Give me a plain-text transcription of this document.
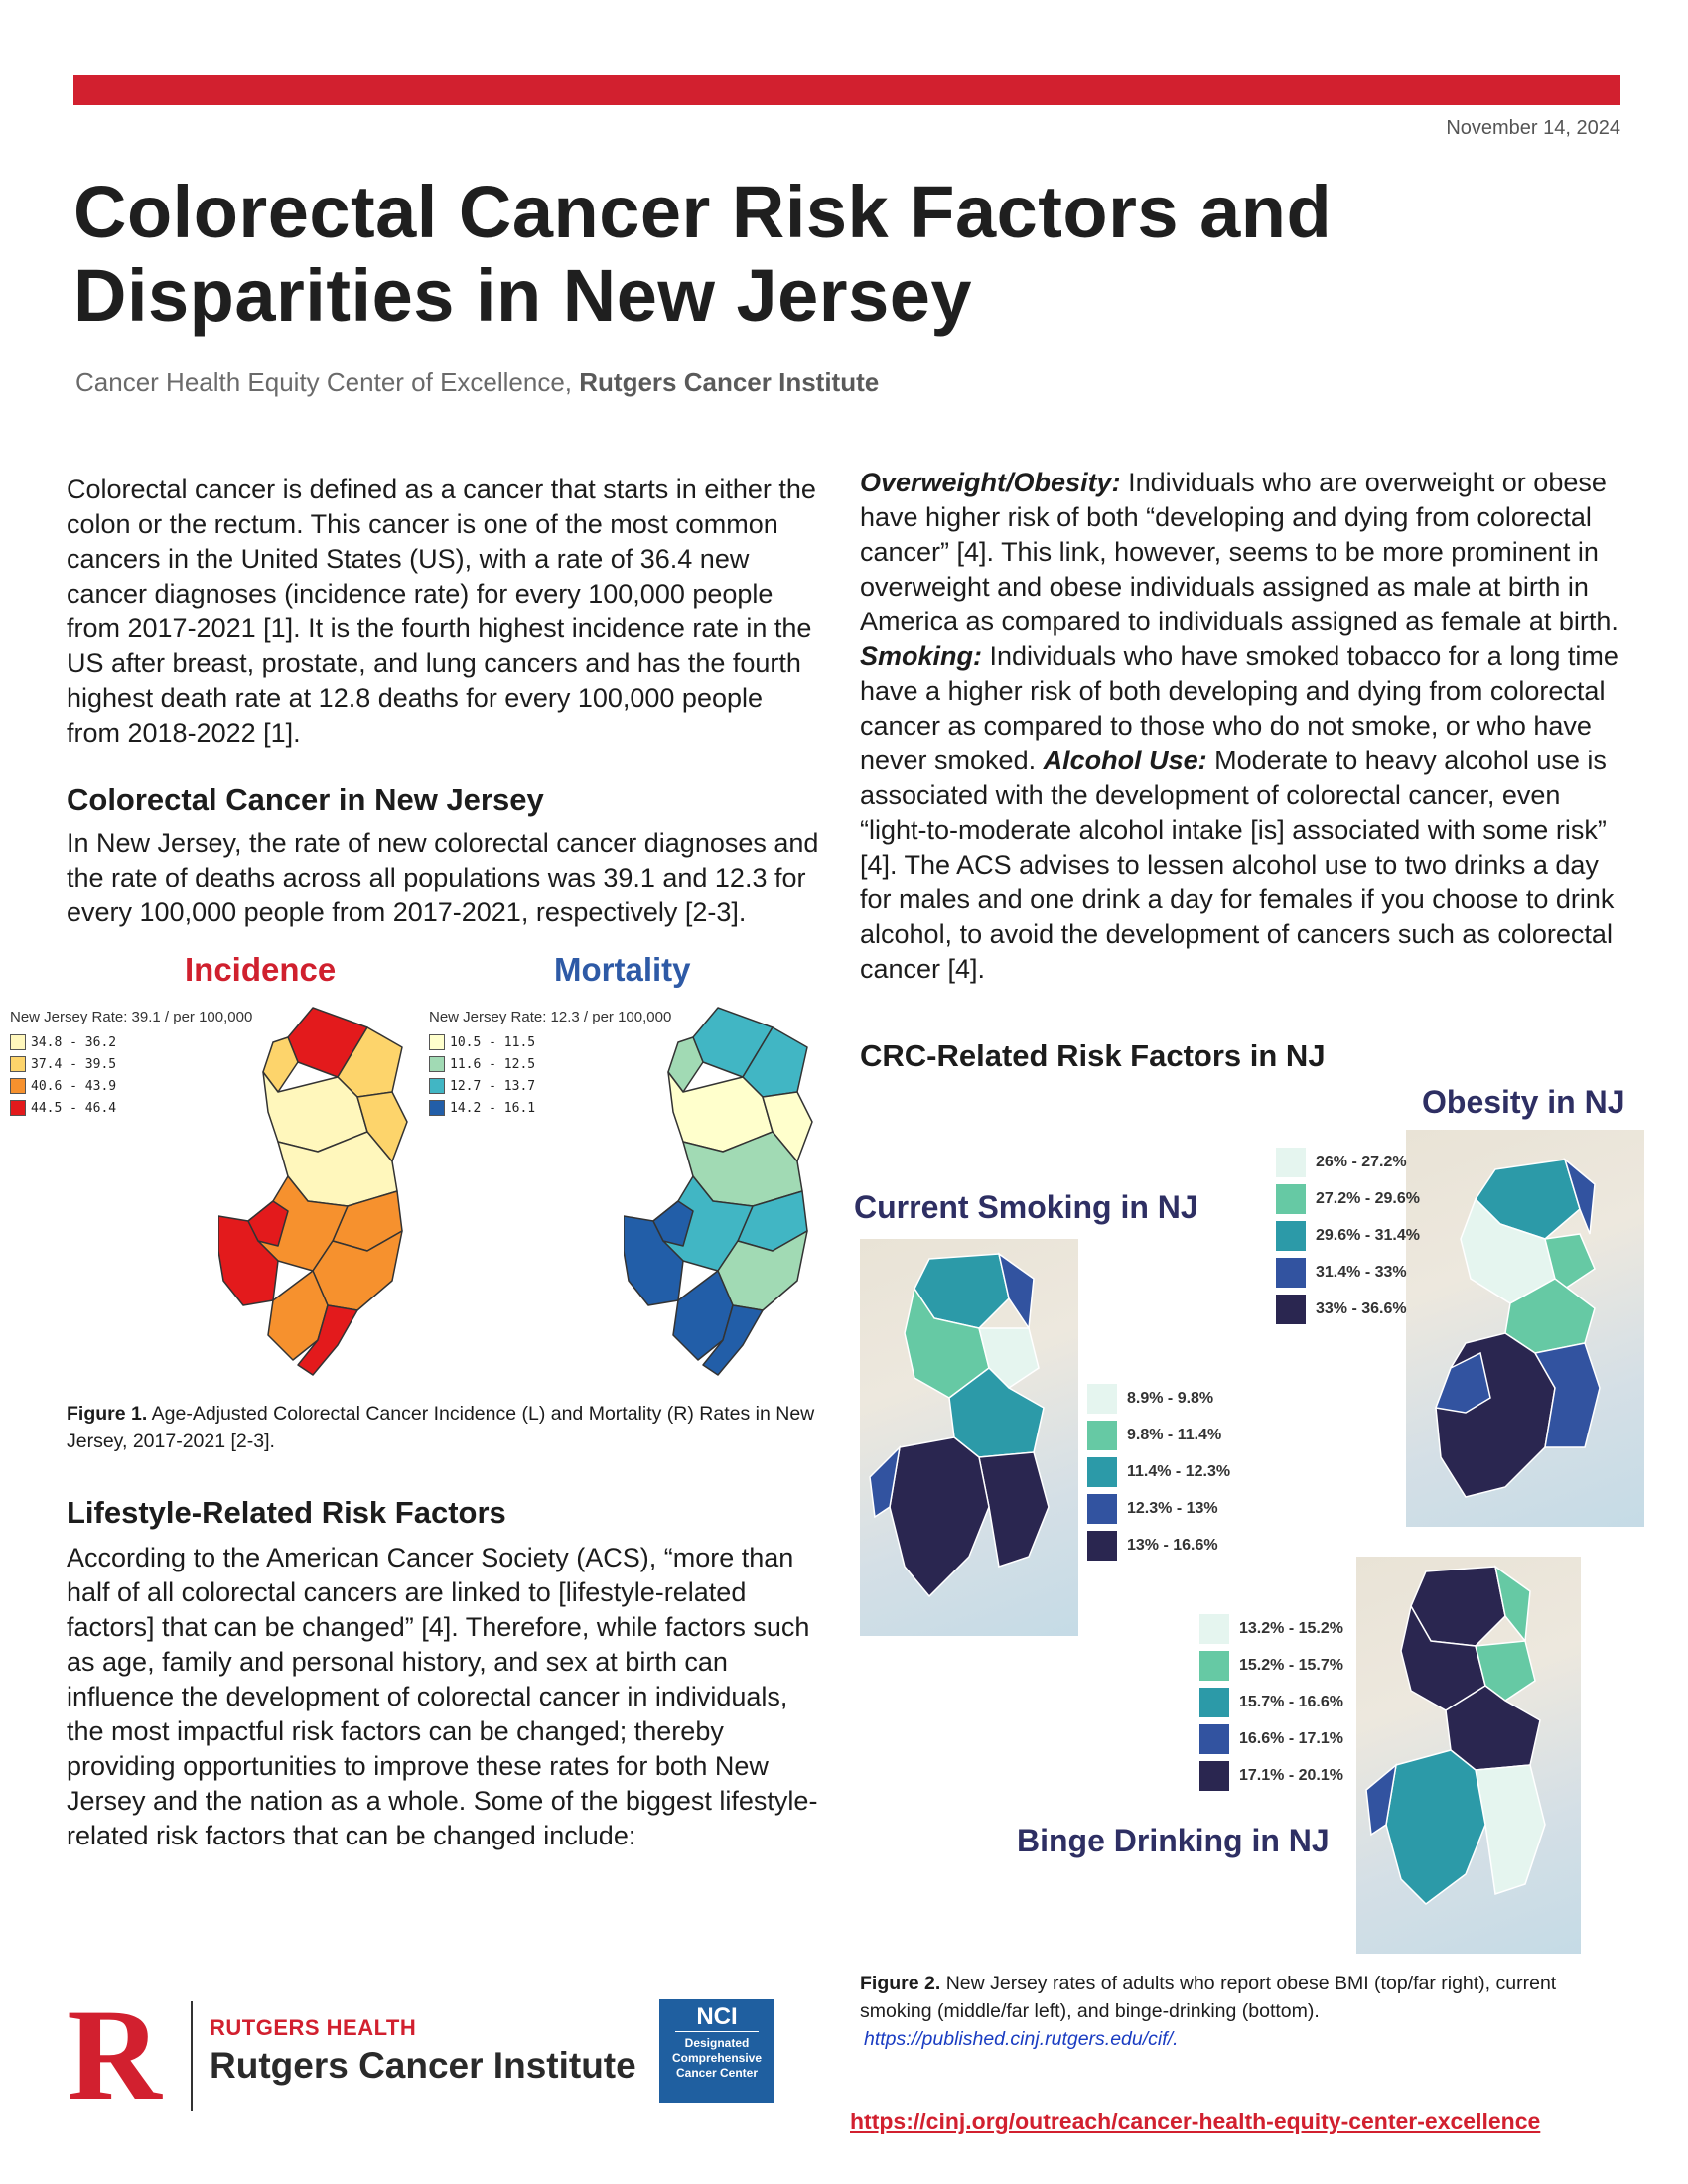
November 14, 2024
Colorectal Cancer Risk Factors and
Disparities in New Jersey
Cancer Health Equity Center of Excellence, Rutgers Cancer Institute
Colorectal cancer is defined as a cancer that starts in either the colon or the rectum. This cancer is one of the most common cancers in the United States (US), with a rate of 36.4 new cancer diagnoses (incidence rate) for every 100,000 people from 2017-2021 [1]. It is the fourth highest incidence rate in the US after breast, prostate, and lung cancers and has the fourth highest death rate at 12.8 deaths for every 100,000 people from 2018-2022 [1].
Colorectal Cancer in New Jersey
In New Jersey, the rate of new colorectal cancer diagnoses and the rate of deaths across all populations was 39.1 and 12.3 for every 100,000 people from 2017-2021, respectively [2-3].
Incidence	Mortality
New Jersey Rate: 39.1 / per 100,000
34.8 - 36.2
37.4 - 39.5
40.6 - 43.9
44.5 - 46.4
New Jersey Rate: 12.3 / per 100,000
10.5 - 11.5
11.6 - 12.5
12.7 - 13.7
14.2 - 16.1
Figure 1. Age-Adjusted Colorectal Cancer Incidence (L) and Mortality (R) Rates in New Jersey, 2017-2021 [2-3].
Lifestyle-Related Risk Factors
According to the American Cancer Society (ACS), “more than half of all colorectal cancers are linked to [lifestyle-related factors] that can be changed” [4]. Therefore, while factors such as age, family and personal history, and sex at birth can influence the development of colorectal cancer in individuals, the most impactful risk factors can be changed; thereby providing opportunities to improve these rates for both New Jersey and the nation as a whole. Some of the biggest lifestyle-related risk factors that can be changed include:
Overweight/Obesity: Individuals who are overweight or obese have higher risk of both “developing and dying from colorectal cancer” [4]. This link, however, seems to be more prominent in overweight and obese individuals assigned as male at birth in America as compared to individuals assigned as female at birth. Smoking: Individuals who have smoked tobacco for a long time have a higher risk of both developing and dying from colorectal cancer as compared to those who do not smoke, or who have never smoked. Alcohol Use: Moderate to heavy alcohol use is associated with the development of colorectal cancer, even “light-to-moderate alcohol intake [is] associated with some risk” [4]. The ACS advises to lessen alcohol use to two drinks a day for males and one drink a day for females if you choose to drink alcohol, to avoid the development of cancers such as colorectal cancer [4].
CRC-Related Risk Factors in NJ
Obesity in NJ
26% - 27.2%
27.2% - 29.6%
29.6% - 31.4%
31.4% - 33%
33% - 36.6%
Current Smoking in NJ
8.9% - 9.8%
9.8% - 11.4%
11.4% - 12.3%
12.3% - 13%
13% - 16.6%
13.2% - 15.2%
15.2% - 15.7%
15.7% - 16.6%
16.6% - 17.1%
17.1% - 20.1%
Binge Drinking in NJ
Figure 2. New Jersey rates of adults who report obese BMI (top/far right), current smoking (middle/far left), and binge-drinking (bottom).
https://published.cinj.rutgers.edu/cif/.
R	RUTGERS HEALTH
Rutgers Cancer Institute
NCI
Designated
Comprehensive
Cancer Center
https://cinj.org/outreach/cancer-health-equity-center-excellence
